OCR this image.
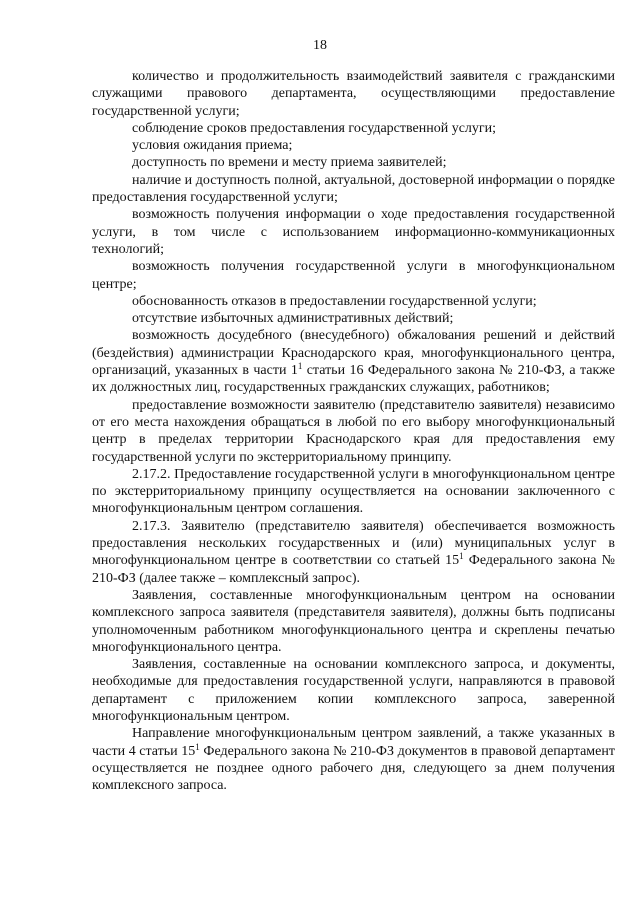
18

количество и продолжительность взаимодействий заявителя с гражданскими служащими правового департамента, осуществляющими предоставление государственной услуги;

соблюдение сроков предоставления государственной услуги;

условия ожидания приема;

доступность по времени и месту приема заявителей;

наличие и доступность полной, актуальной, достоверной информации о порядке предоставления государственной услуги;

возможность получения информации о ходе предоставления государственной услуги, в том числе с использованием информационно-коммуникационных технологий;

возможность получения государственной услуги в многофункциональном центре;

обоснованность отказов в предоставлении государственной услуги;

отсутствие избыточных административных действий;

возможность досудебного (внесудебного) обжалования решений и действий (бездействия) администрации Краснодарского края, многофункционального центра, организаций, указанных в части $1^1$ статьи 16 Федерального закона № 210-ФЗ, а также их должностных лиц, государственных гражданских служащих, работников;

предоставление возможности заявителю (представителю заявителя) независимо от его места нахождения обращаться в любой по его выбору многофункциональный центр в пределах территории Краснодарского края для предоставления ему государственной услуги по экстерриториальному принципу.

2.17.2. Предоставление государственной услуги в многофункциональном центре по экстерриториальному принципу осуществляется на основании заключенного с многофункциональным центром соглашения.

2.17.3. Заявителю (представителю заявителя) обеспечивается возможность предоставления нескольких государственных и (или) муниципальных услуг в многофункциональном центре в соответствии со статьей $15^1$ Федерального закона № 210-ФЗ (далее также – комплексный запрос).

Заявления, составленные многофункциональным центром на основании комплексного запроса заявителя (представителя заявителя), должны быть подписаны уполномоченным работником многофункционального центра и скреплены печатью многофункционального центра.

Заявления, составленные на основании комплексного запроса, и документы, необходимые для предоставления государственной услуги, направляются в правовой департамент с приложением копии комплексного запроса, заверенной многофункциональным центром.

Направление многофункциональным центром заявлений, а также указанных в части 4 статьи $15^1$ Федерального закона № 210-ФЗ документов в правовой департамент осуществляется не позднее одного рабочего дня, следующего за днем получения комплексного запроса.
